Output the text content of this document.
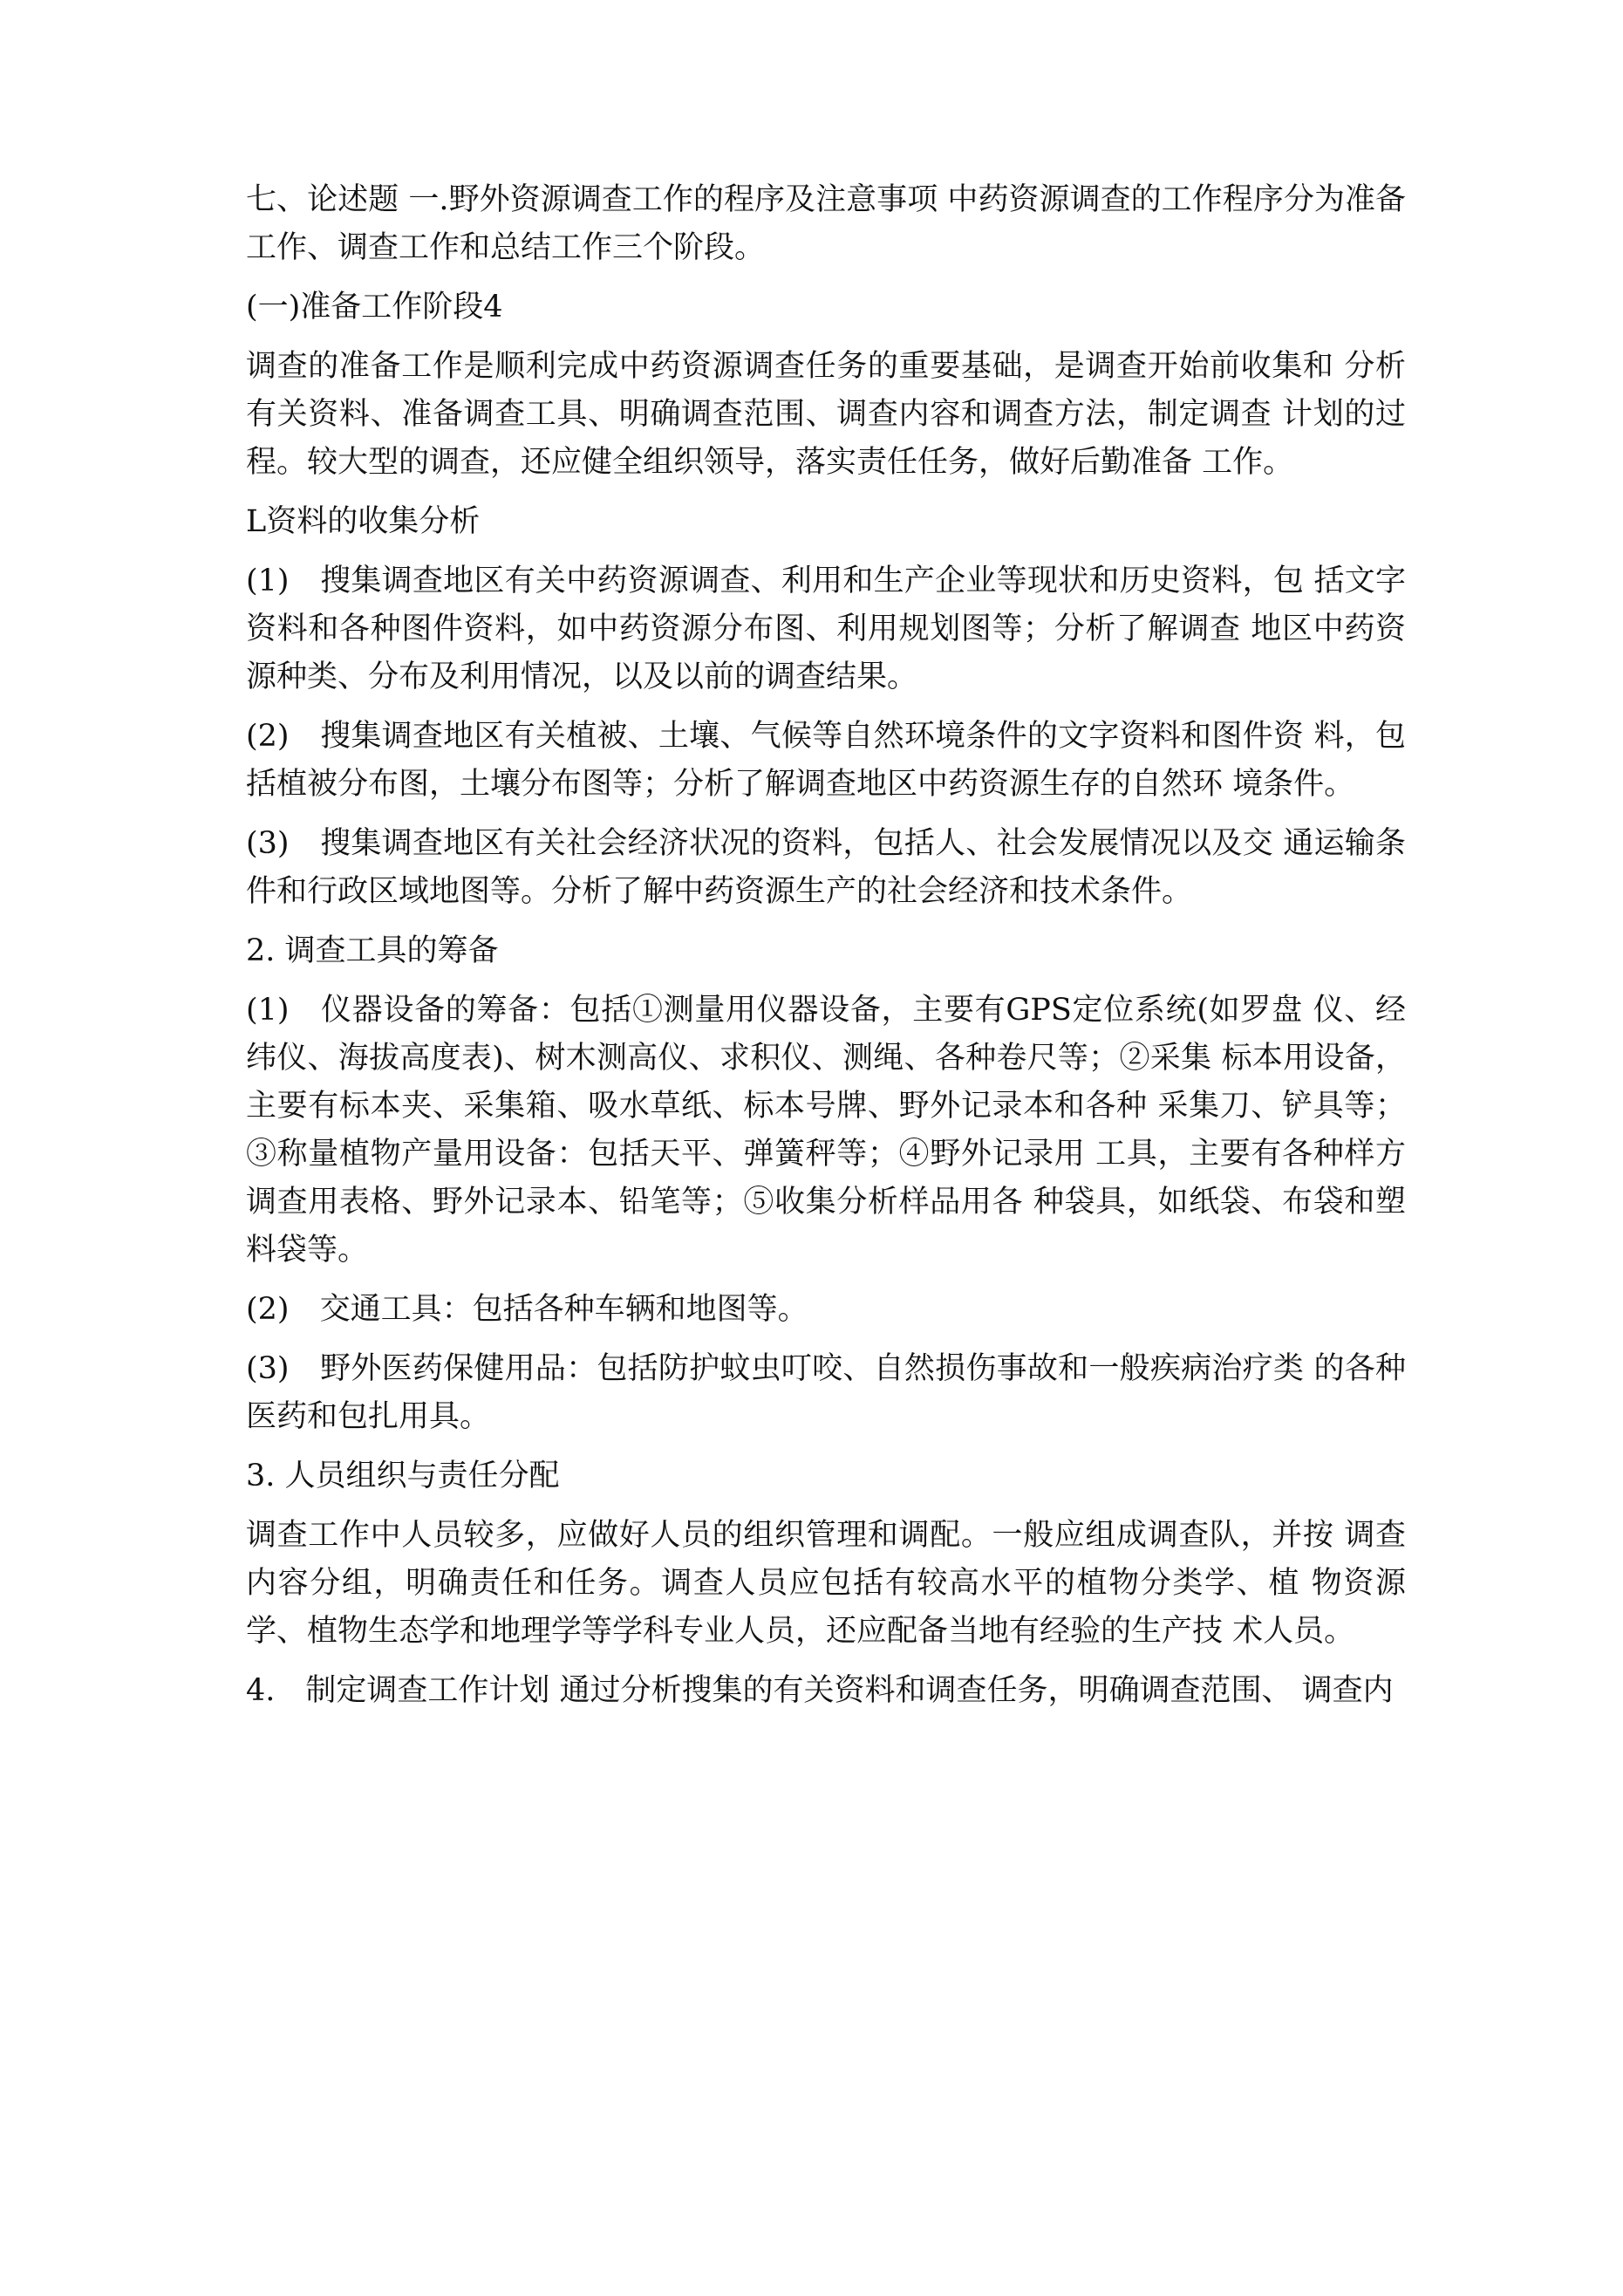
七、论述题 一.野外资源调查工作的程序及注意事项 中药资源调查的工作程序分为准备工作、调查工作和总结工作三个阶段。

(一)准备工作阶段4

调查的准备工作是顺利完成中药资源调查任务的重要基础，是调查开始前收集和 分析有关资料、准备调查工具、明确调查范围、调查内容和调查方法，制定调查 计划的过程。较大型的调查，还应健全组织领导，落实责任任务，做好后勤准备 工作。

L资料的收集分析

(1)　搜集调查地区有关中药资源调查、利用和生产企业等现状和历史资料，包 括文字资料和各种图件资料，如中药资源分布图、利用规划图等；分析了解调查 地区中药资源种类、分布及利用情况，以及以前的调查结果。

(2)　搜集调查地区有关植被、土壤、气候等自然环境条件的文字资料和图件资 料，包括植被分布图，土壤分布图等；分析了解调查地区中药资源生存的自然环 境条件。

(3)　搜集调查地区有关社会经济状况的资料，包括人、社会发展情况以及交 通运输条件和行政区域地图等。分析了解中药资源生产的社会经济和技术条件。

2. 调查工具的筹备

(1)　仪器设备的筹备：包括①测量用仪器设备，主要有GPS定位系统(如罗盘 仪、经纬仪、海拔高度表)、树木测高仪、求积仪、测绳、各种卷尺等；②采集 标本用设备，主要有标本夹、采集箱、吸水草纸、标本号牌、野外记录本和各种 采集刀、铲具等；③称量植物产量用设备：包括天平、弹簧秤等；④野外记录用 工具，主要有各种样方调查用表格、野外记录本、铅笔等；⑤收集分析样品用各 种袋具，如纸袋、布袋和塑料袋等。

(2)　交通工具：包括各种车辆和地图等。

(3)　野外医药保健用品：包括防护蚊虫叮咬、自然损伤事故和一般疾病治疗类 的各种医药和包扎用具。

3. 人员组织与责任分配

调查工作中人员较多，应做好人员的组织管理和调配。一般应组成调查队，并按 调查内容分组，明确责任和任务。调查人员应包括有较高水平的植物分类学、植 物资源学、植物生态学和地理学等学科专业人员，还应配备当地有经验的生产技 术人员。

4.　制定调查工作计划 通过分析搜集的有关资料和调查任务，明确调查范围、 调查内
